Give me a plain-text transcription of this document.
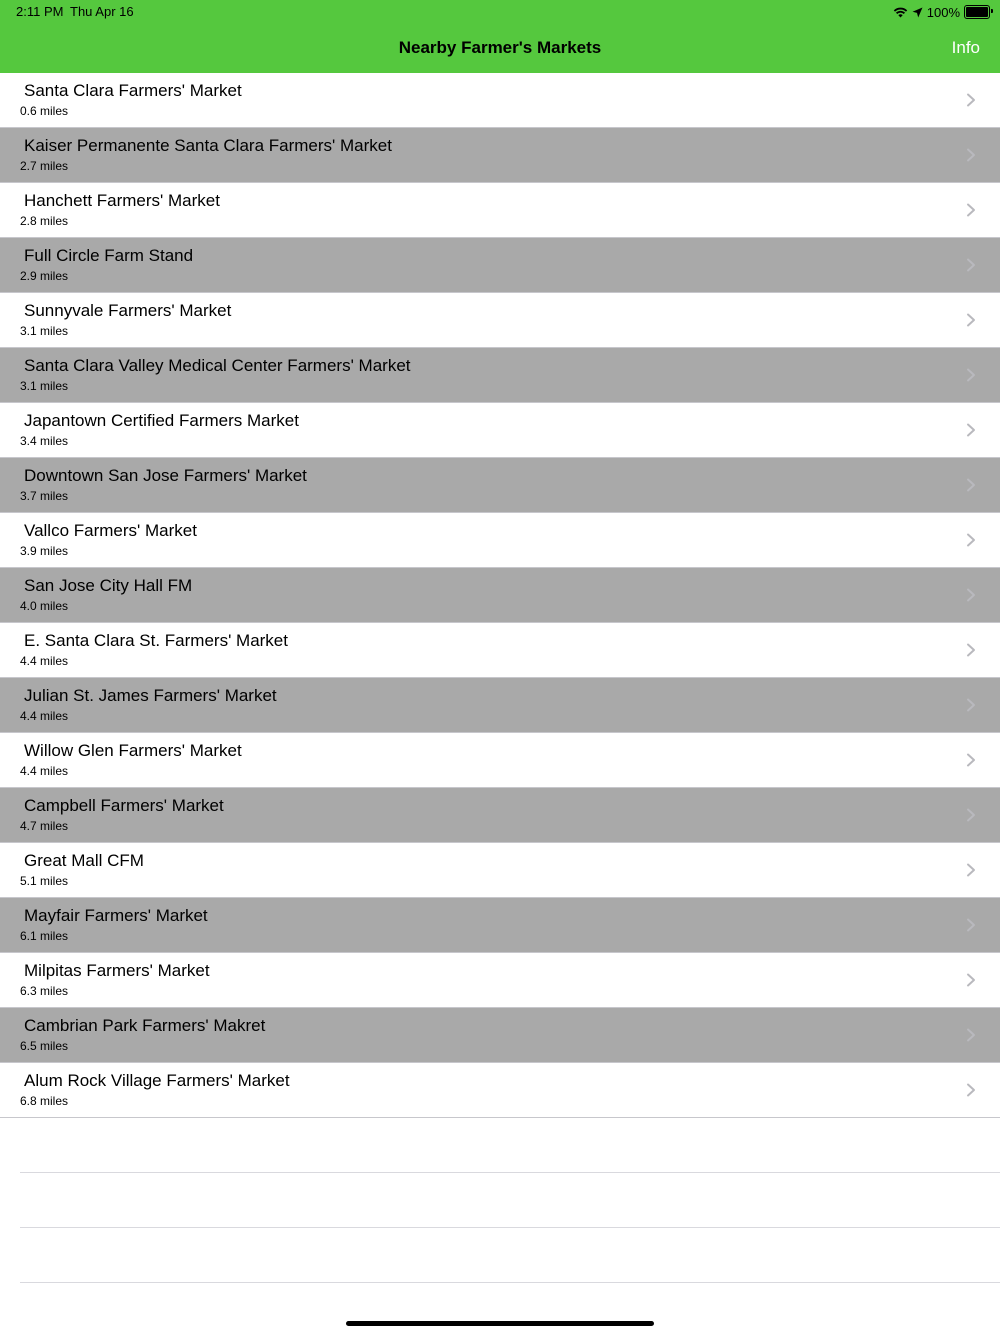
2:11 PM Thu Apr 16	100%
Nearby Farmer's Markets	Info
Santa Clara Farmers' Market
0.6 miles
Kaiser Permanente Santa Clara Farmers' Market
2.7 miles
Hanchett Farmers' Market
2.8 miles
Full Circle Farm Stand
2.9 miles
Sunnyvale Farmers' Market
3.1 miles
Santa Clara Valley Medical Center Farmers' Market
3.1 miles
Japantown Certified Farmers Market
3.4 miles
Downtown San Jose Farmers' Market
3.7 miles
Vallco Farmers' Market
3.9 miles
San Jose City Hall FM
4.0 miles
E. Santa Clara St. Farmers' Market
4.4 miles
Julian St. James Farmers' Market
4.4 miles
Willow Glen Farmers' Market
4.4 miles
Campbell Farmers' Market
4.7 miles
Great Mall CFM
5.1 miles
Mayfair Farmers' Market
6.1 miles
Milpitas Farmers' Market
6.3 miles
Cambrian Park Farmers' Makret
6.5 miles
Alum Rock Village Farmers' Market
6.8 miles
